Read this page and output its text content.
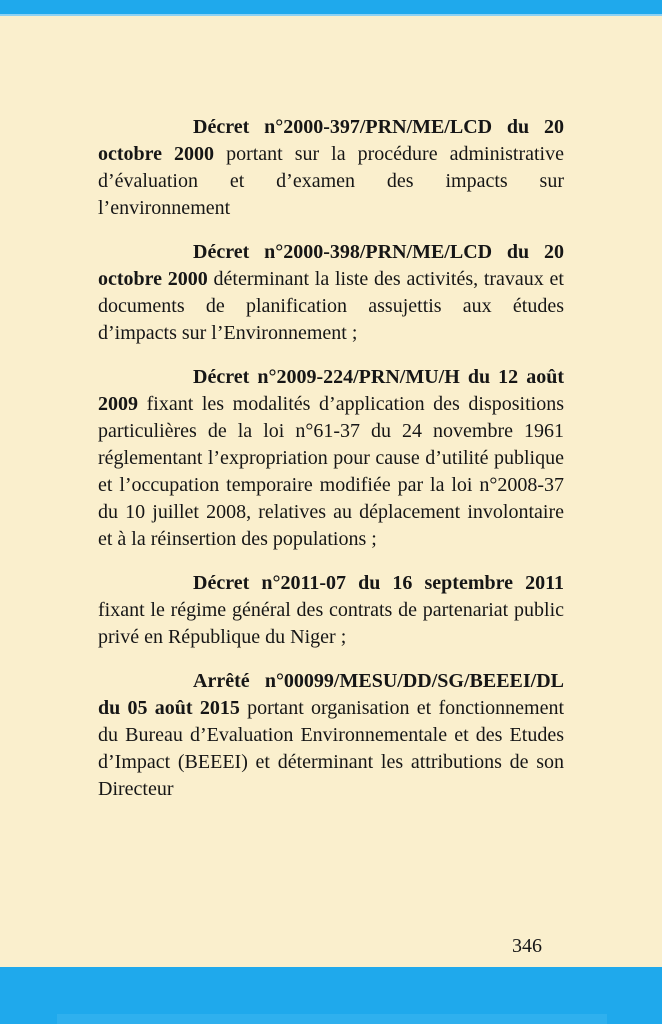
Décret n°2000-397/PRN/ME/LCD du 20 octobre 2000 portant sur la procédure administrative d’évaluation et d’examen des impacts sur l’environnement

Décret n°2000-398/PRN/ME/LCD du 20 octobre 2000 déterminant la liste des activités, travaux et documents de planification assujettis aux études d’impacts sur l’Environnement ;

Décret n°2009-224/PRN/MU/H du 12 août 2009 fixant les modalités d’application des dispositions particulières de la loi n°61-37 du 24 novembre 1961 réglementant l’expropriation pour cause d’utilité publique et l’occupation temporaire modifiée par la loi n°2008-37 du 10 juillet 2008, relatives au déplacement involontaire et à la réinsertion des populations ;

Décret n°2011-07 du 16 septembre 2011 fixant le régime général des contrats de partenariat public privé en République du Niger ;

Arrêté n°00099/MESU/DD/SG/BEEEI/DL du 05 août 2015 portant organisation et fonctionnement du Bureau d’Evaluation Environnementale et des Etudes d’Impact (BEEEI) et déterminant les attributions de son Directeur

346
